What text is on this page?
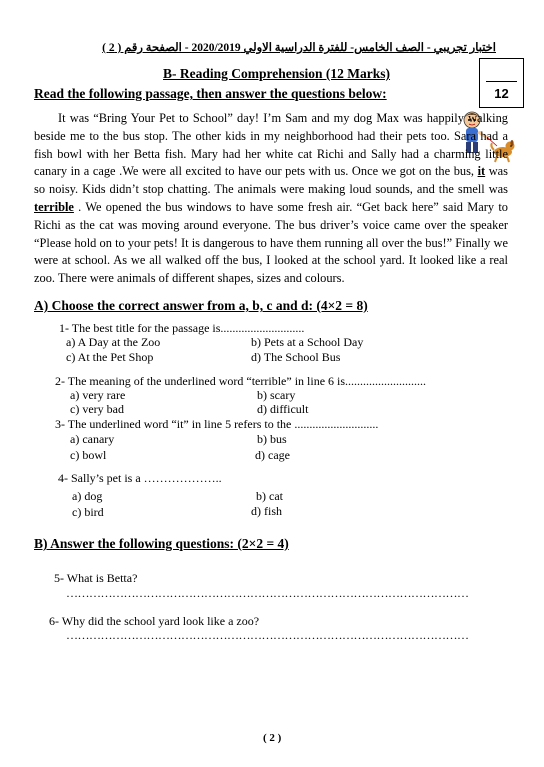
اختبار تجريبي - الصف الخامس- للفترة الدراسية الاولي 2020/2019 - الصفحة رقم ( 2 )
12
B- Reading Comprehension (12 Marks)
Read the following passage, then answer the questions below:

It was “Bring Your Pet to School” day! I’m Sam and my dog Max was happily walking beside me to the bus stop. The other kids in my neighborhood had their pets too. Sara had a fish bowl with her Betta fish. Mary had her white cat Richi and Sally had a charming little canary in a cage .We were all excited to have our pets with us. Once we got on the bus, it was so noisy. Kids didn’t stop chatting. The animals were making loud sounds, and the smell was terrible . We opened the bus windows to have some fresh air. “Get back here” said Mary to Richi as the cat was moving around everyone. The bus driver’s voice came over the speaker “Please hold on to your pets! It is dangerous to have them running all over the bus!” Finally we were at school. As we all walked off the bus, I looked at the school yard. It looked like a real zoo. There were animals of different shapes, sizes and colours.

A) Choose the correct answer from a, b, c and d: (4×2 = 8)
1- The best title for the passage is............................
a) A Day at the Zoo	b) Pets at a School Day
c) At the Pet Shop	d) The School Bus
2- The meaning of the underlined word “terrible” in line 6 is...........................
a) very rare	b) scary
c) very bad	d) difficult
3- The underlined word “it” in line 5 refers to the ............................
a) canary	b) bus
c) bowl	d) cage
4- Sally’s pet is a ………………..
a) dog	b) cat
c) bird	d) fish
B) Answer the following questions: (2×2 = 4)
5- What is Betta?
……………………………………………………………………………………………
6- Why did the school yard look like a zoo?
……………………………………………………………………………………………
( 2 )
